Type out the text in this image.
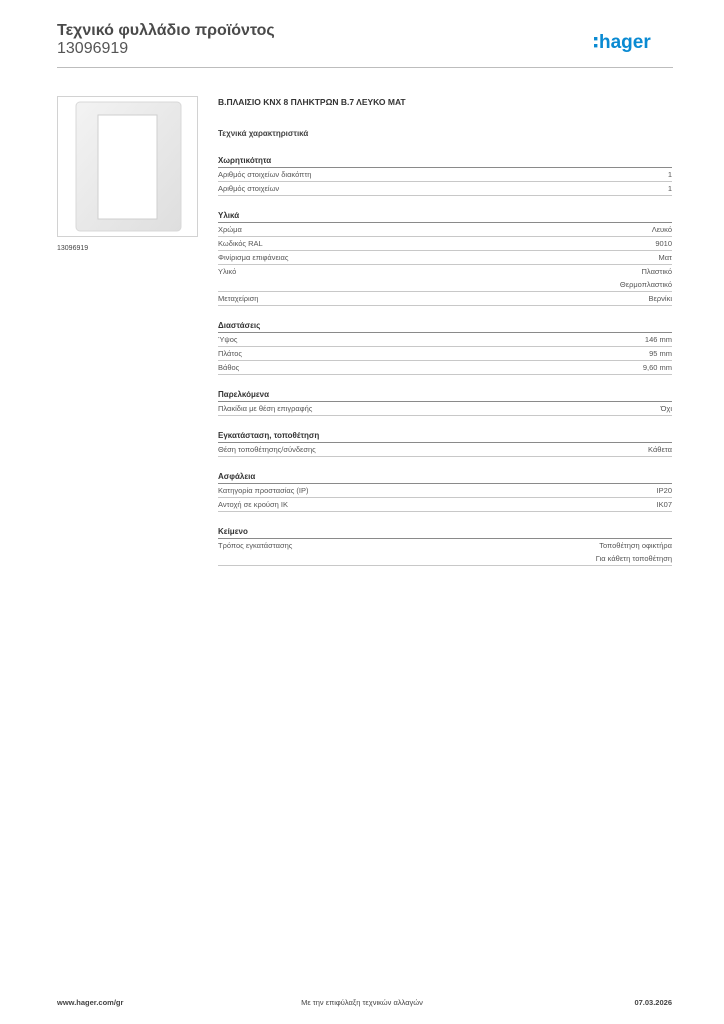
Τεχνικό φυλλάδιο προϊόντος
13096919	hager
13096919
Β.ΠΛΑΙΣΙΟ KNX 8 ΠΛΗΚΤΡΩΝ Β.7 ΛΕΥΚΟ ΜΑΤ
Τεχνικά χαρακτηριστικά
Χωρητικότητα
Αριθμός στοιχείων διακόπτη	1
Αριθμός στοιχείων	1
Υλικά
Χρώμα	Λευκό
Κωδικός RAL	9010
Φινίρισμα επιφάνειας	Ματ
Υλικό	Πλαστικό
Θερμοπλαστικό
Μεταχείριση	Βερνίκι
Διαστάσεις
Ύψος	146 mm
Πλάτος	95 mm
Βάθος	9,60 mm
Παρελκόμενα
Πλακίδια με θέση επιγραφής	Όχι
Εγκατάσταση, τοποθέτηση
Θέση τοποθέτησης/σύνδεσης	Κάθετα
Ασφάλεια
Κατηγορία προστασίας (IP)	IP20
Αντοχή σε κρούση IK	IK07
Κείμενο
Τρόπος εγκατάστασης	Τοποθέτηση οφικτήρα
Για κάθετη τοποθέτηση
www.hager.com/gr	Με την επιφύλαξη τεχνικών αλλαγών	07.03.2026
